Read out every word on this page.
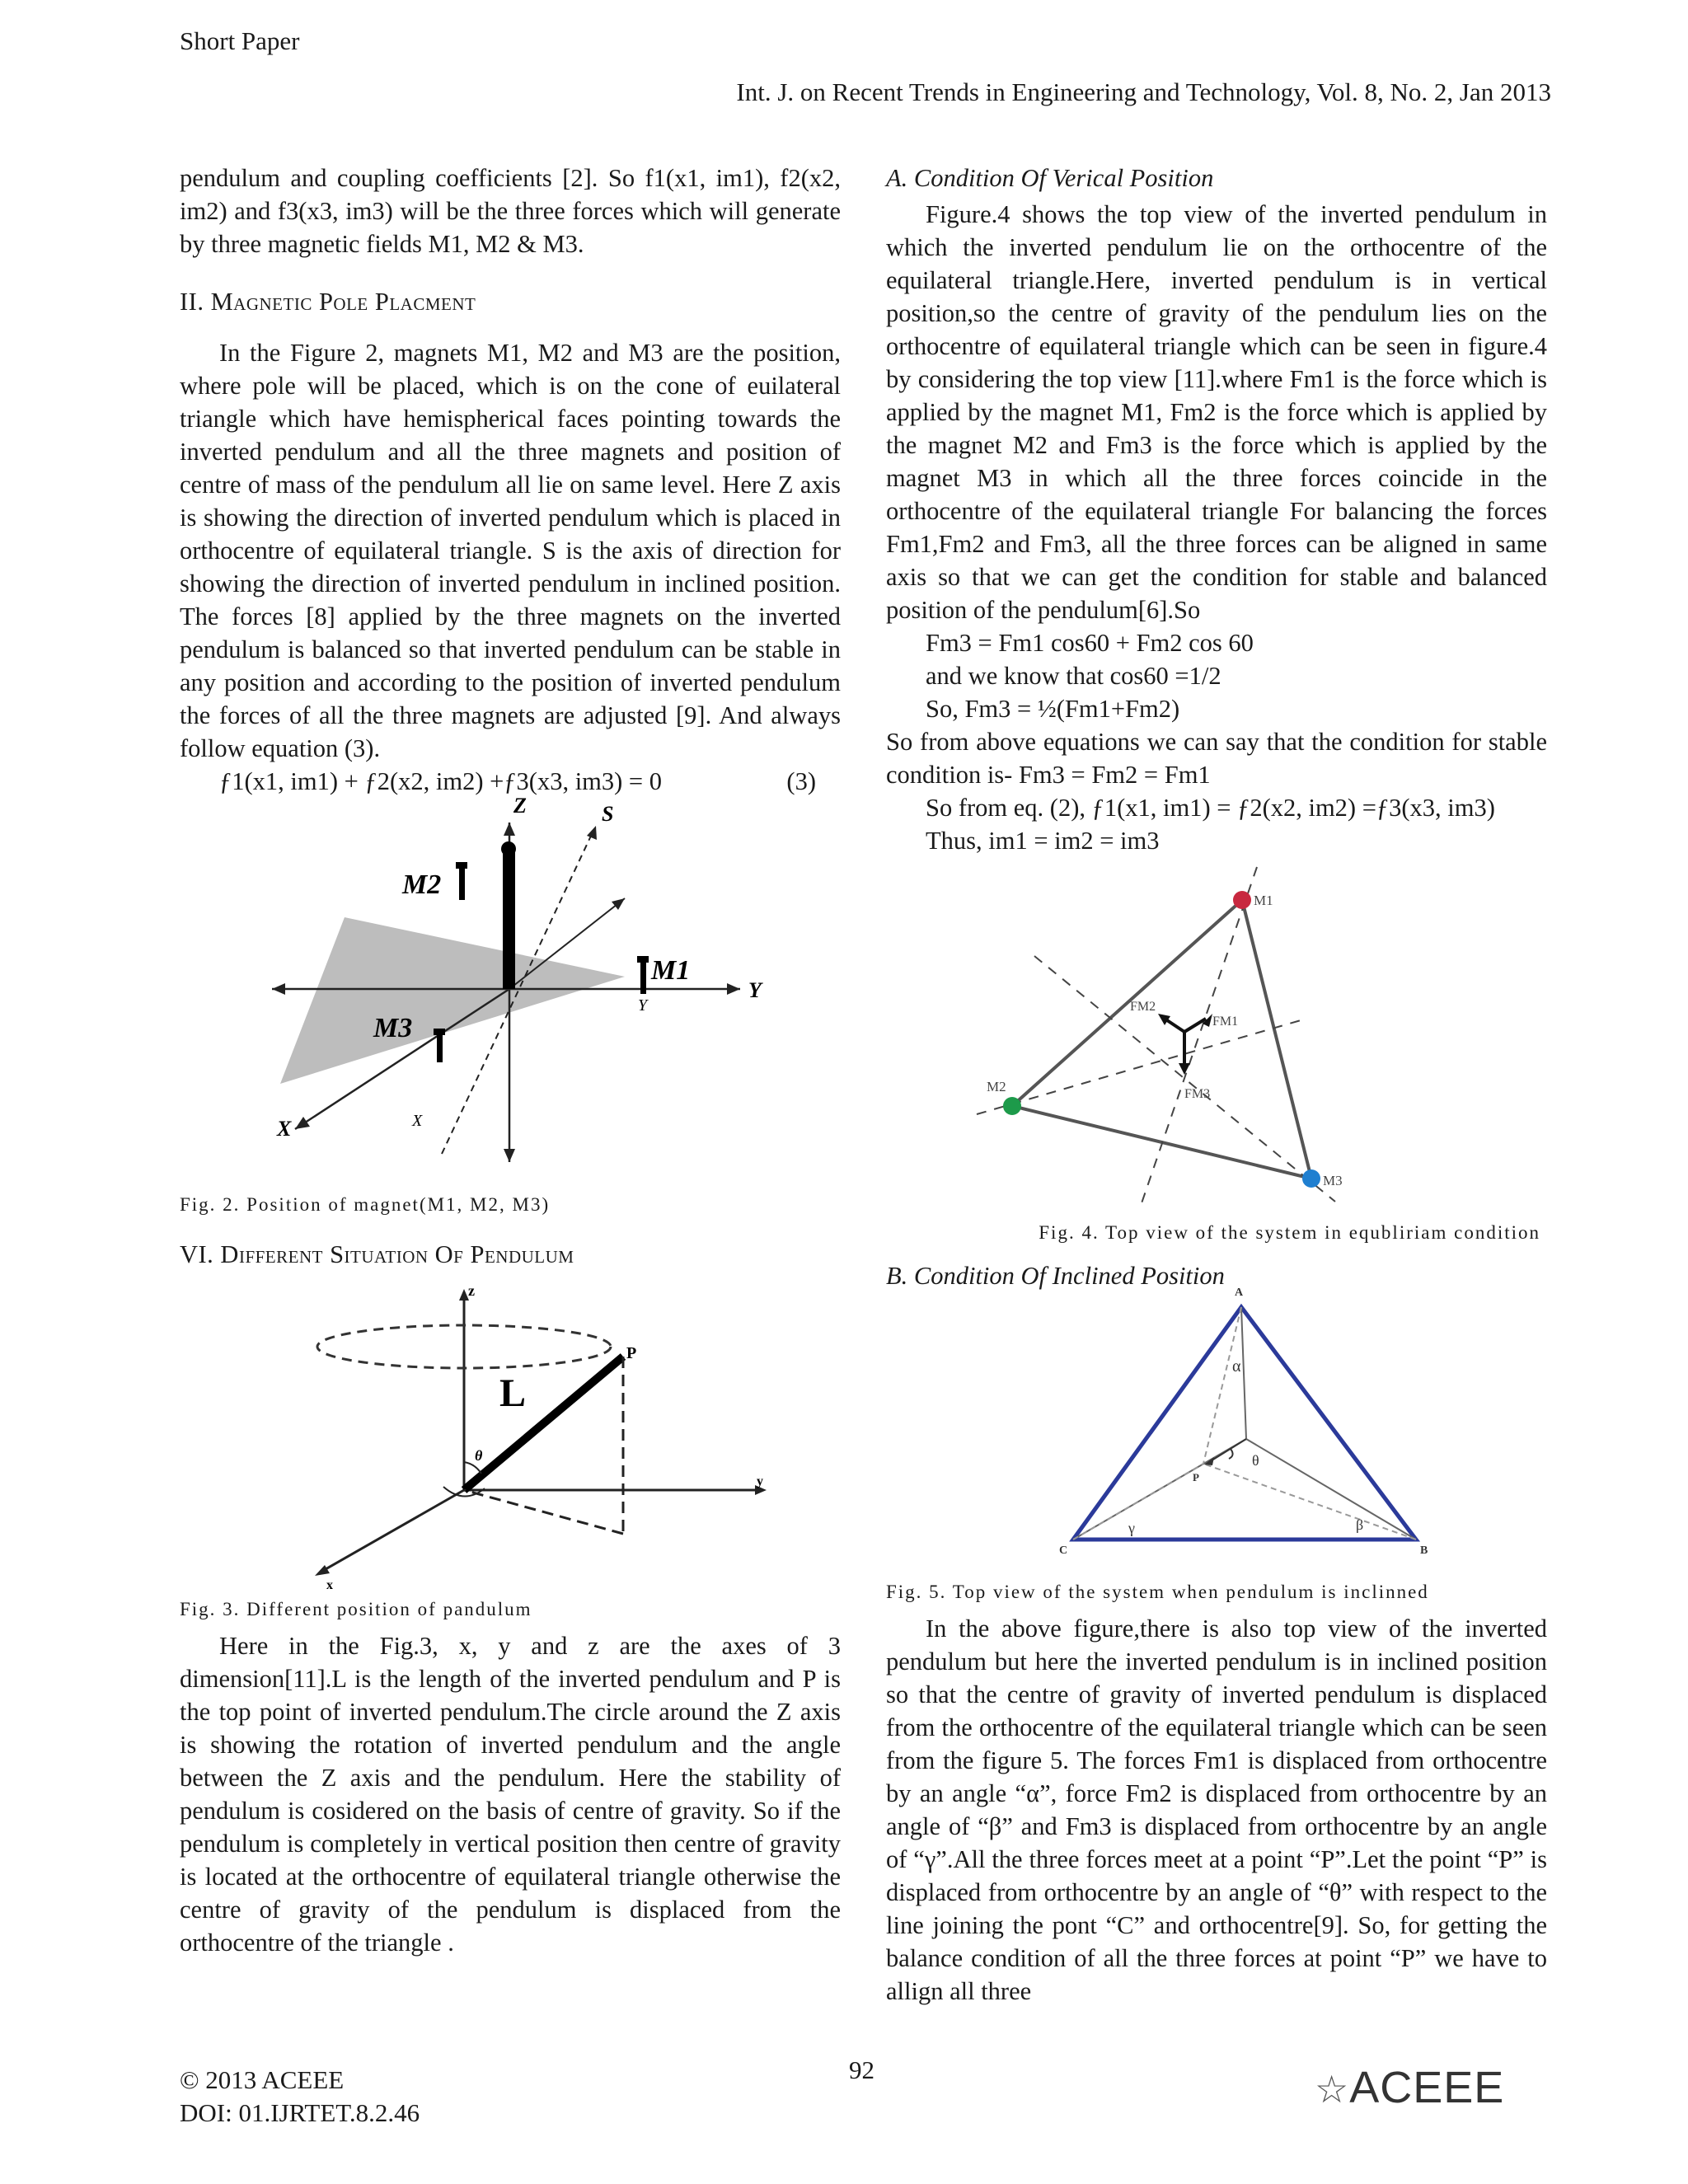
Short Paper
Int. J. on Recent Trends in Engineering and Technology, Vol. 8, No. 2, Jan 2013

pendulum and coupling coefficients [2]. So f1(x1, im1), f2(x2, im2) and f3(x3, im3) will be the three forces which will generate by three magnetic fields M1, M2 & M3.

II. Magnetic Pole Placment

In the Figure 2, magnets M1, M2 and M3 are the position, where pole will be placed, which is on the cone of euilateral triangle which have hemispherical faces pointing towards the inverted pendulum and all the three magnets and position of centre of mass of the pendulum all lie on same level. Here Z axis is showing the direction of inverted pendulum which is placed in orthocentre of equilateral triangle. S is the axis of direction for showing the direction of inverted pendulum in inclined position. The forces [8] applied by the three magnets on the inverted pendulum is balanced so that inverted pendulum can be stable in any position and according to the position of inverted pendulum the forces of all the three magnets are adjusted [9]. And always follow equation (3).

ƒ1(x1, im1) + ƒ2(x2, im2) +ƒ3(x3, im3) = 0	(3)
Z	S
Y
Y
X	X
M2
M1
M3

Fig. 2. Position of magnet(M1, M2, M3)

VI. Different Situation Of Pendulum

z
P
L
θ
y
x

Fig. 3. Different position of pandulum

Here in the Fig.3, x, y and z are the axes of 3 dimension[11].L is the length of the inverted pendulum and P is the top point of inverted pendulum.The circle around the Z axis is showing the rotation of inverted pendulum and the angle between the Z axis and the pendulum. Here the stability of pendulum is cosidered on the basis of centre of gravity. So if the pendulum is completely in vertical position then centre of gravity is located at the orthocentre of equilateral triangle otherwise the centre of gravity of the pendulum is displaced from the orthocentre of the triangle .

A. Condition Of Verical Position

Figure.4 shows the top view of the inverted pendulum in which the inverted pendulum lie on the orthocentre of the equilateral triangle.Here, inverted pendulum is in vertical position,so the centre of gravity of the pendulum lies on the orthocentre of equilateral triangle which can be seen in figure.4 by considering the top view [11].where Fm1 is the force which is applied by the magnet M1, Fm2 is the force which is applied by the magnet M2 and Fm3 is the force which is applied by the magnet M3 in which all the three forces coincide in the orthocentre of the equilateral triangle For balancing the forces Fm1,Fm2 and Fm3, all the three forces can be aligned in same axis so that we can get the condition for stable and balanced position of the pendulum[6].So

Fm3 = Fm1 cos60 + Fm2 cos 60

and we know that cos60 =1/2

So, Fm3 = ½(Fm1+Fm2)

So from above equations we can say that the condition for stable condition is- Fm3 = Fm2 = Fm1

So from eq. (2), ƒ1(x1, im1) = ƒ2(x2, im2) =ƒ3(x3, im3)

Thus, im1 = im2 = im3

M1
M2
M3
FM2
FM1
FM3

Fig. 4. Top view of the system in equbliriam condition

B. Condition Of Inclined Position

A
B
C
α
θ
P
γ	β

Fig. 5. Top view of the system when pendulum is inclinned

In the above figure,there is also top view of the inverted pendulum but here the inverted pendulum is in inclined position so that the centre of gravity of inverted pendulum is displaced from the orthocentre of the equilateral triangle which can be seen from the figure 5. The forces Fm1 is displaced from orthocentre by an angle “α”, force Fm2 is displaced from orthocentre by an angle of “β” and Fm3 is displaced from orthocentre by an angle of “γ”.All the three forces meet at a point “P”.Let the point “P” is displaced from orthocentre by an angle of “θ” with respect to the line joining the pont “C” and orthocentre[9]. So, for getting the balance condition of all the three forces at point “P” we have to allign all three

92
© 2013 ACEEE
DOI: 01.IJRTET.8.2.46
☆ACEEE
